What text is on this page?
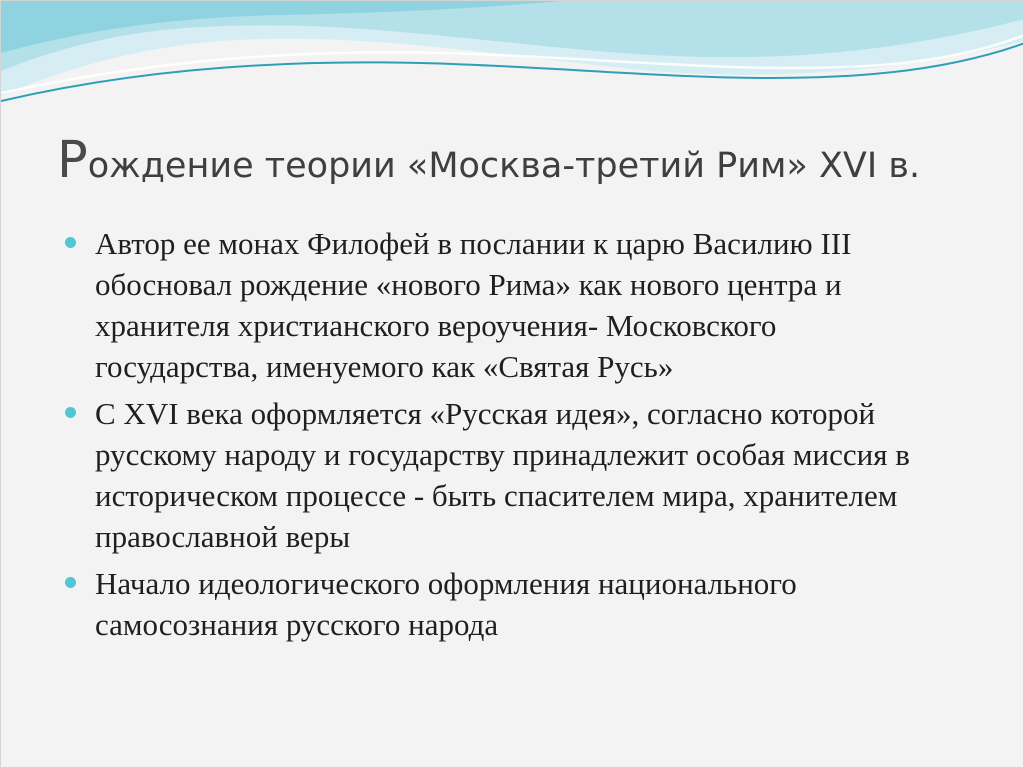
Рождение теории «Москва-третий Рим» XVI в.
Автор ее монах Филофей в послании к царю Василию III обосновал рождение «нового Рима» как нового центра и хранителя христианского вероучения- Московского государства, именуемого как «Святая Русь»
С XVI века оформляется «Русская идея», согласно которой русскому народу и государству принадлежит особая миссия в историческом процессе - быть спасителем мира, хранителем православной веры
Начало идеологического оформления национального самосознания русского народа
